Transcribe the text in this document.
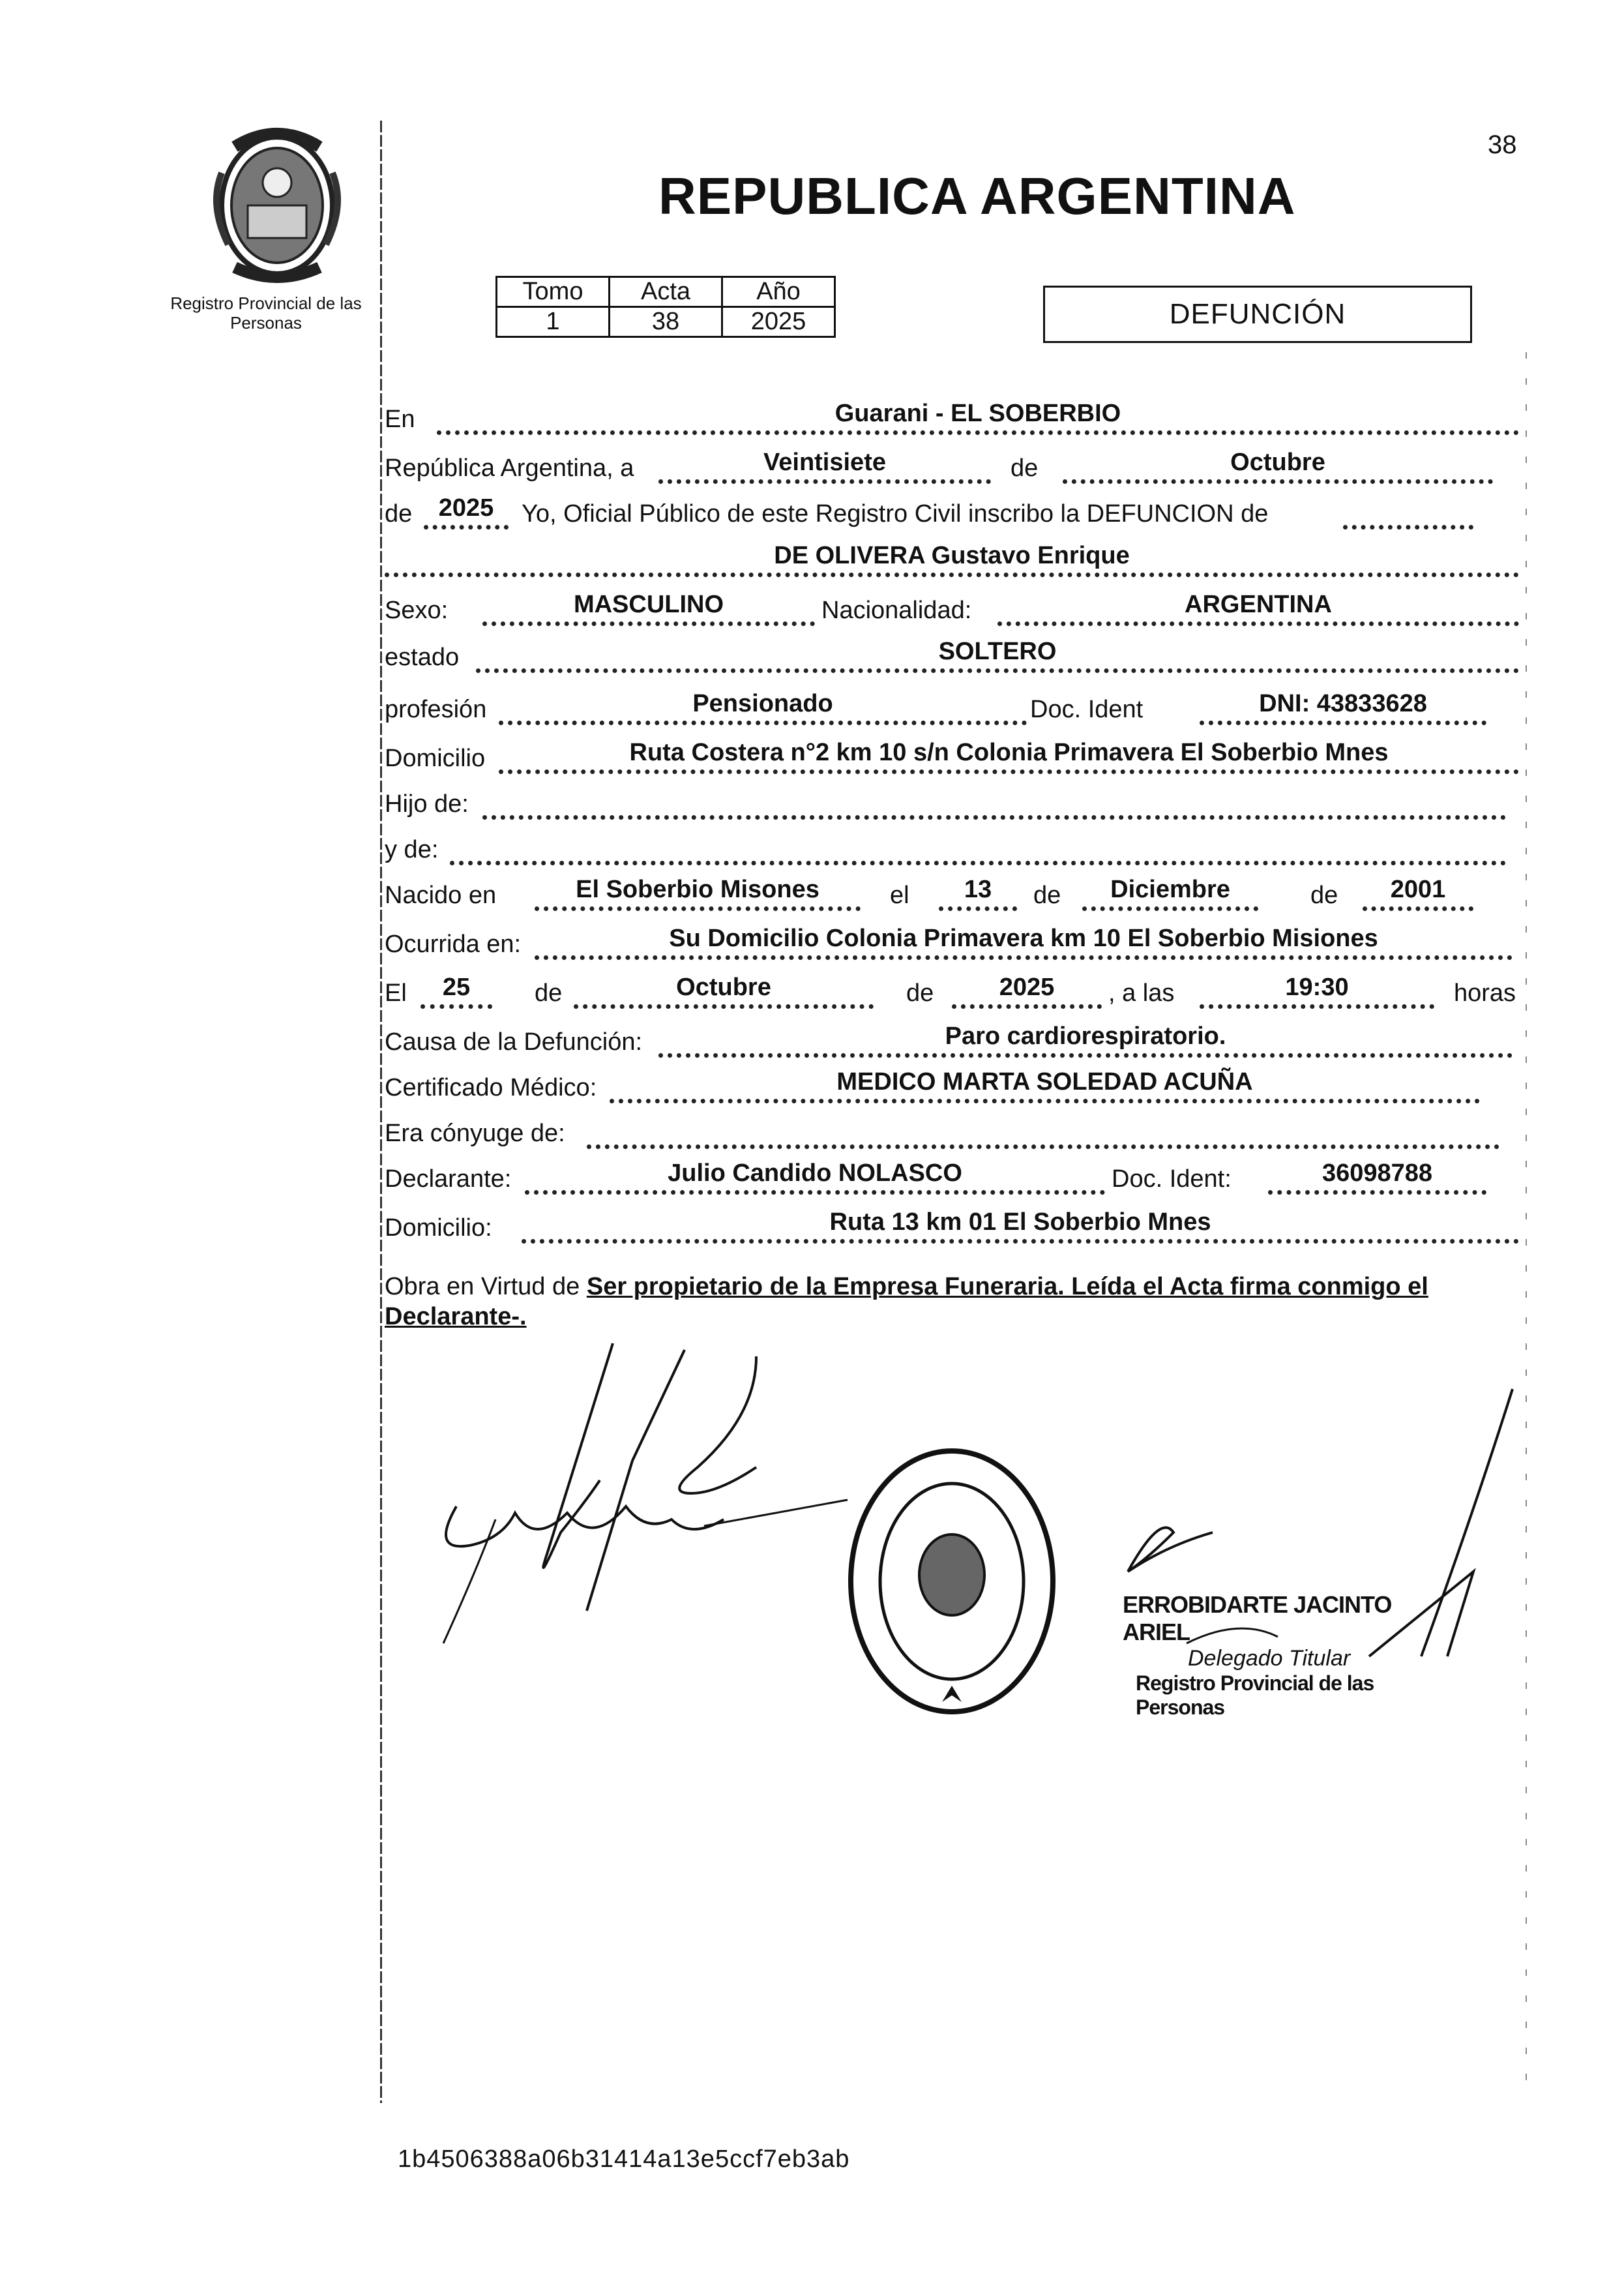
38
REPUBLICA ARGENTINA
Registro Provincial de las Personas
Tomo	Acta	Año
1	38	2025	DEFUNCIÓN
En	Guarani - EL SOBERBIO
República Argentina, a	Veintisiete	de	Octubre
de	2025	Yo, Oficial Público de este Registro Civil inscribo la DEFUNCION de
DE OLIVERA Gustavo Enrique
Sexo:	MASCULINO	Nacionalidad:	ARGENTINA
estado	SOLTERO
profesión	Pensionado	Doc. Ident	DNI: 43833628
Domicilio	Ruta Costera n°2 km 10 s/n Colonia Primavera El Soberbio Mnes
Hijo de:
y de:
Nacido en	El Soberbio Misones	el	13	de	Diciembre	de	2001
Ocurrida en:	Su Domicilio Colonia Primavera km 10 El Soberbio Misiones
El	25	de	Octubre	de	2025	, a las	19:30	horas
Causa de la Defunción:	Paro cardiorespiratorio.
Certificado Médico:	MEDICO MARTA SOLEDAD ACUÑA
Era cónyuge de:
Declarante:	Julio Candido NOLASCO	Doc. Ident:	36098788
Domicilio:	Ruta 13 km 01 El Soberbio Mnes
Obra en Virtud de Ser propietario de la Empresa Funeraria. Leída el Acta firma conmigo el Declarante-.
ERROBIDARTE JACINTO ARIEL
Delegado Titular
Registro Provincial de las Personas
1b4506388a06b31414a13e5ccf7eb3ab
